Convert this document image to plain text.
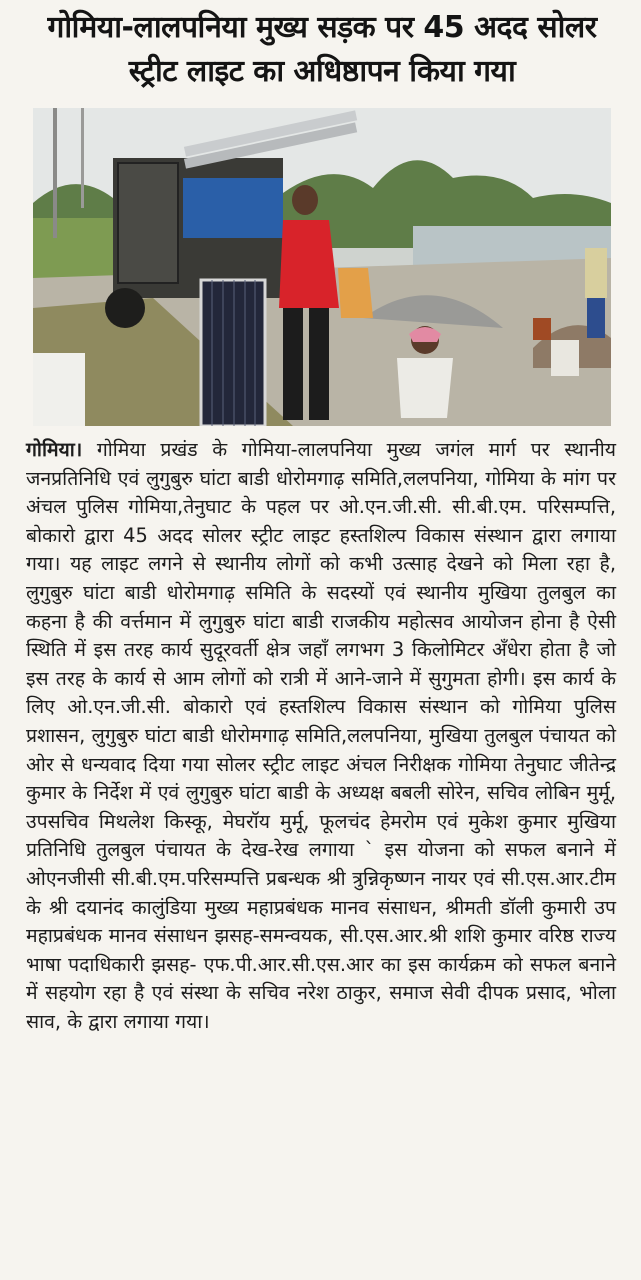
गोमिया-लालपनिया मुख्य सड़क पर 45 अदद सोलर स्ट्रीट लाइट का अधिष्ठापन किया गया

गोमिया। गोमिया प्रखंड के गोमिया-लालपनिया मुख्य जगंल मार्ग पर स्थानीय जनप्रतिनिधि एवं लुगुबुरु घांटा बाडी धोरोमगाढ़ समिति,ललपनिया, गोमिया के मांग पर अंचल पुलिस गोमिया,तेनुघाट के पहल पर ओ.एन.जी.सी. सी.बी.एम. परिसम्पत्ति, बोकारो द्वारा 45 अदद सोलर स्ट्रीट लाइट हस्तशिल्प विकास संस्थान द्वारा लगाया गया। यह लाइट लगने से स्थानीय लोगों को कभी उत्साह देखने को मिला रहा है, लुगुबुरु घांटा बाडी धोरोमगाढ़ समिति के सदस्यों एवं स्थानीय मुखिया तुलबुल का कहना है की वर्त्तमान में लुगुबुरु घांटा बाडी राजकीय महोत्सव आयोजन होना है ऐसी स्थिति में इस तरह कार्य सुदूरवर्ती क्षेत्र जहाँ लगभग 3 किलोमिटर अँधेरा होता है जो इस तरह के कार्य से आम लोगों को रात्री में आने-जाने में सुगुमता होगी। इस कार्य के लिए ओ.एन.जी.सी. बोकारो एवं हस्तशिल्प विकास संस्थान को गोमिया पुलिस प्रशासन, लुगुबुरु घांटा बाडी धोरोमगाढ़ समिति,ललपनिया, मुखिया तुलबुल पंचायत को ओर से धन्यवाद दिया गया सोलर स्ट्रीट लाइट अंचल निरीक्षक गोमिया तेनुघाट जीतेन्द्र कुमार के निर्देश में एवं लुगुबुरु घांटा बाडी के अध्यक्ष बबली सोरेन, सचिव लोबिन मुर्मू, उपसचिव मिथलेश किस्कू, मेघरॉय मुर्मू, फूलचंद हेमरोम एवं मुकेश कुमार मुखिया प्रतिनिधि तुलबुल पंचायत के देख-रेख लगाया ` इस योजना को सफल बनाने में ओएनजीसी सी.बी.एम.परिसम्पत्ति प्रबन्धक श्री त्रुन्निकृष्णन नायर एवं सी.एस.आर.टीम के श्री दयानंद कालुंडिया मुख्य महाप्रबंधक मानव संसाधन, श्रीमती डॉली कुमारी उप महाप्रबंधक मानव संसाधन झसह-समन्वयक, सी.एस.आर.श्री शशि कुमार वरिष्ठ राज्य भाषा पदाधिकारी झसह- एफ.पी.आर.सी.एस.आर का इस कार्यक्रम को सफल बनाने में सहयोग रहा है एवं संस्था के सचिव नरेश ठाकुर, समाज सेवी दीपक प्रसाद, भोला साव, के द्वारा लगाया गया।
